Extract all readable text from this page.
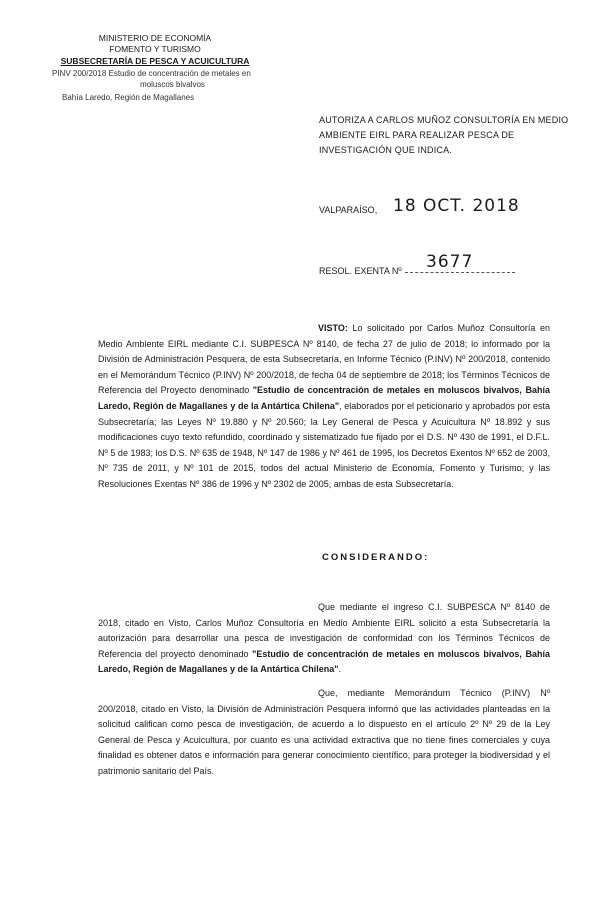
MINISTERIO DE ECONOMÍA
FOMENTO Y TURISMO
SUBSECRETARÍA DE PESCA Y ACUICULTURA
PINV 200/2018 Estudio de concentración de metales en
moluscos bivalvos
Bahía Laredo, Región de Magallanes
AUTORIZA A CARLOS MUÑOZ CONSULTORÍA EN MEDIO AMBIENTE EIRL PARA REALIZAR PESCA DE INVESTIGACIÓN QUE INDICA.
VALPARAÍSO, 18 OCT. 2018
RESOL. EXENTA Nº 3677
VISTO: Lo solicitado por Carlos Muñoz Consultoría en Medio Ambiente EIRL mediante C.I. SUBPESCA Nº 8140, de fecha 27 de julio de 2018; lo informado por la División de Administración Pesquera, de esta Subsecretaría, en Informe Técnico (P.INV) Nº 200/2018, contenido en el Memorándum Técnico (P.INV) Nº 200/2018, de fecha 04 de septiembre de 2018; los Términos Técnicos de Referencia del Proyecto denominado "Estudio de concentración de metales en moluscos bivalvos, Bahía Laredo, Región de Magallanes y de la Antártica Chilena", elaborados por el peticionario y aprobados por esta Subsecretaría; las Leyes Nº 19.880 y Nº 20.560; la Ley General de Pesca y Acuicultura Nº 18.892 y sus modificaciones cuyo texto refundido, coordinado y sistematizado fue fijado por el D.S. Nº 430 de 1991, el D.F.L. Nº 5 de 1983; los D.S. Nº 635 de 1948, Nº 147 de 1986 y Nº 461 de 1995, los Decretos Exentos Nº 652 de 2003, Nº 735 de 2011, y Nº 101 de 2015, todos del actual Ministerio de Economía, Fomento y Turismo; y las Resoluciones Exentas Nº 386 de 1996 y Nº 2302 de 2005, ambas de esta Subsecretaría.
CONSIDERANDO:
Que mediante el ingreso C.I. SUBPESCA Nº 8140 de 2018, citado en Visto, Carlos Muñoz Consultoría en Medio Ambiente EIRL solicitó a esta Subsecretaría la autorización para desarrollar una pesca de investigación de conformidad con los Términos Técnicos de Referencia del proyecto denominado "Estudio de concentración de metales en moluscos bivalvos, Bahía Laredo, Región de Magallanes y de la Antártica Chilena".
Que, mediante Memorándum Técnico (P.INV) Nº 200/2018, citado en Visto, la División de Administración Pesquera informó que las actividades planteadas en la solicitud califican como pesca de investigación, de acuerdo a lo dispuesto en el artículo 2º Nº 29 de la Ley General de Pesca y Acuicultura, por cuanto es una actividad extractiva que no tiene fines comerciales y cuya finalidad es obtener datos e información para generar conocimiento científico, para proteger la biodiversidad y el patrimonio sanitario del País.
